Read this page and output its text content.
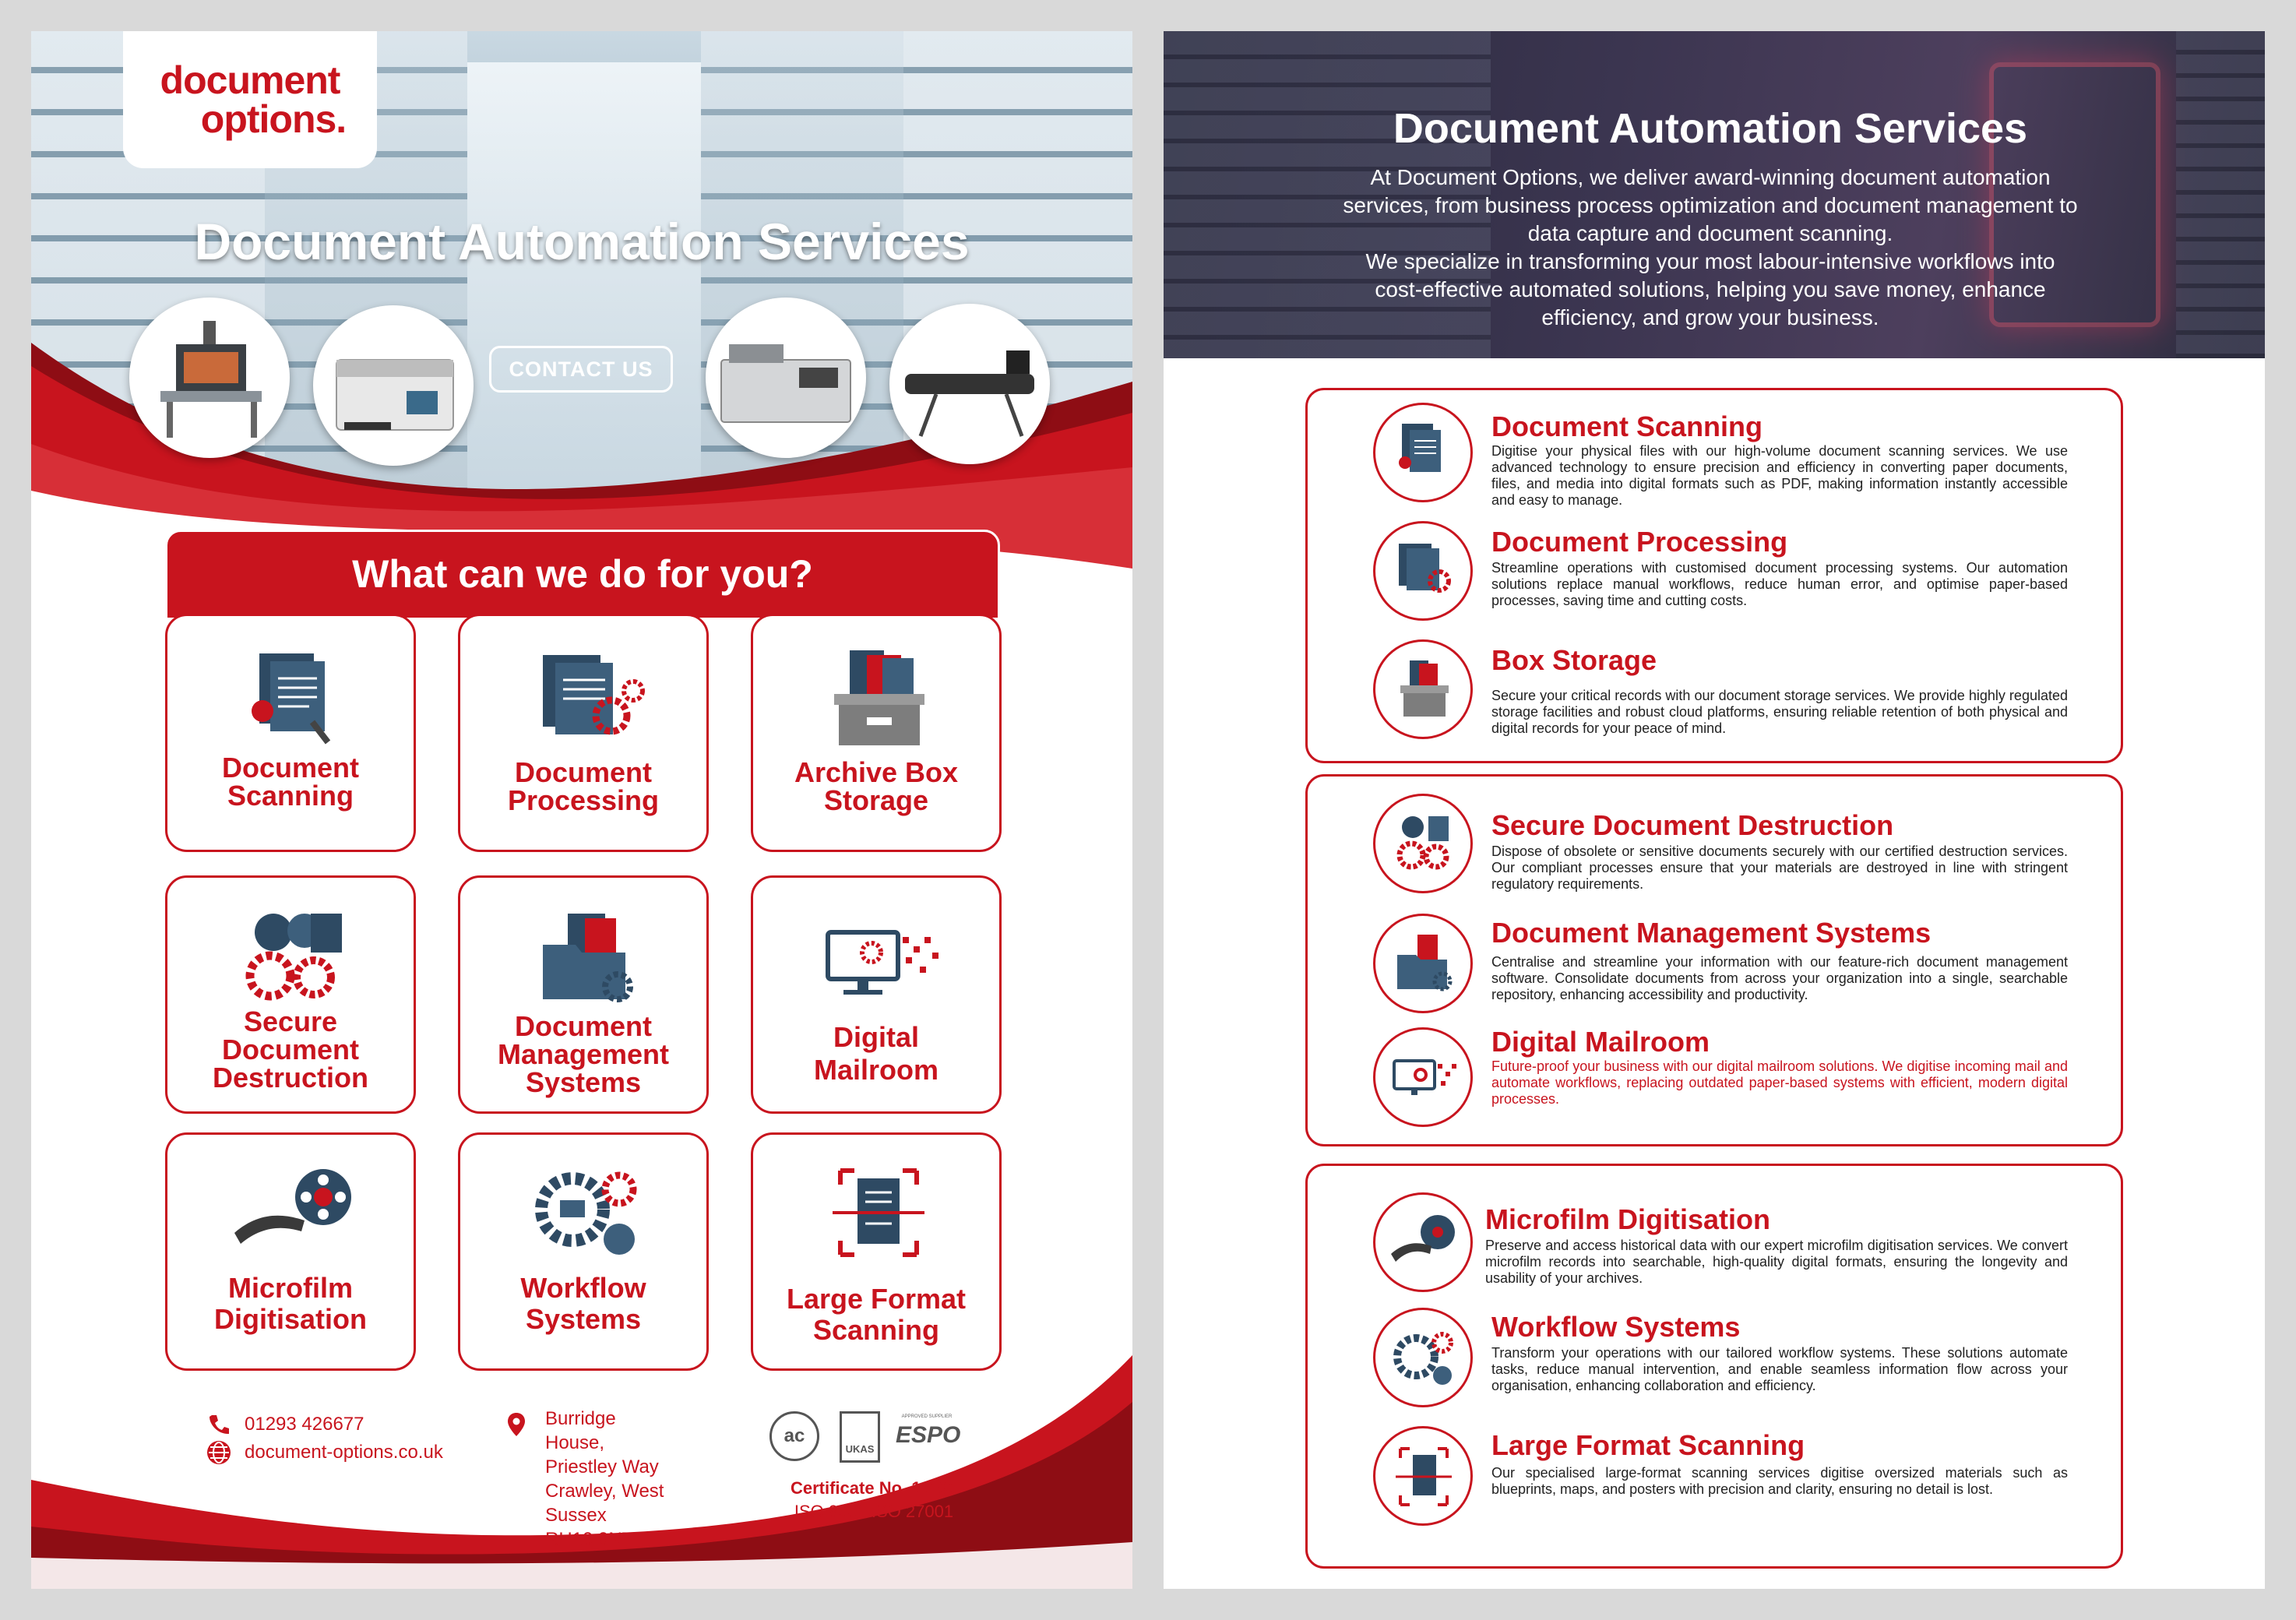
document
options.
Document Automation Services
CONTACT US
What can we do for you?
Document
Scanning
Document
Processing
Archive Box
Storage
Secure
Document
Destruction
Document
Management
Systems
Digital
Mailroom
Microfilm
Digitisation
Workflow
Systems
Large Format
Scanning
01293 426677
document-options.co.uk
Burridge
House,
Priestley Way
Crawley, West
Sussex
RH10 9NT
ac
UKAS
APPROVED SUPPLIER
ESPO
Certificate No. 11191
ISO 9001 ISO 27001
Document Automation Services
At Document Options, we deliver award-winning document automation
services, from business process optimization and document management to
data capture and document scanning.
We specialize in transforming your most labour-intensive workflows into
cost-effective automated solutions, helping you save money, enhance
efficiency, and grow your business.
Document Scanning
Digitise your physical files with our high-volume document scanning services. We use advanced technology to ensure precision and efficiency in converting paper documents, files, and media into digital formats such as PDF, making information instantly accessible and easy to manage.
Document Processing
Streamline operations with customised document processing systems. Our automation solutions replace manual workflows, reduce human error, and optimise paper-based processes, saving time and cutting costs.
Box Storage
Secure your critical records with our document storage services. We provide highly regulated storage facilities and robust cloud platforms, ensuring reliable retention of both physical and digital records for your peace of mind.
Secure Document Destruction
Dispose of obsolete or sensitive documents securely with our certified destruction services. Our compliant processes ensure that your materials are destroyed in line with stringent regulatory requirements.
Document Management Systems
Centralise and streamline your information with our feature-rich document management software. Consolidate documents from across your organization into a single, searchable repository, enhancing accessibility and productivity.
Digital Mailroom
Future-proof your business with our digital mailroom solutions. We digitise incoming mail and automate workflows, replacing outdated paper-based systems with efficient, modern digital processes.
Microfilm Digitisation
Preserve and access historical data with our expert microfilm digitisation services. We convert microfilm records into searchable, high-quality digital formats, ensuring the longevity and usability of your archives.
Workflow Systems
Transform your operations with our tailored workflow systems. These solutions automate tasks, reduce manual intervention, and enable seamless information flow across your organisation, enhancing collaboration and efficiency.
Large Format Scanning
Our specialised large-format scanning services digitise oversized materials such as blueprints, maps, and posters with precision and clarity, ensuring no detail is lost.
